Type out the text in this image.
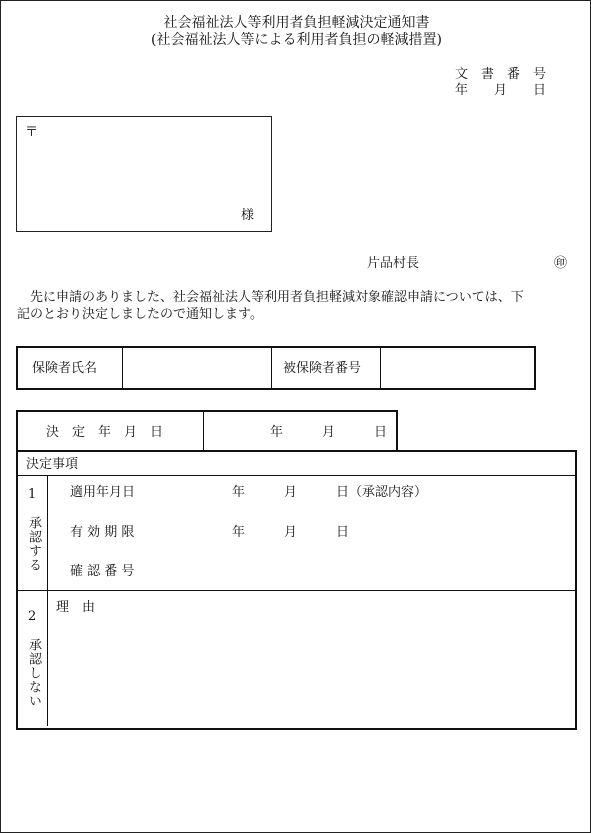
社会福祉法人等利用者負担軽減決定通知書
(社会福祉法人等による利用者負担の軽減措置)
文　書　番　号
年　　月　　日
〒
様
片品村長	㊞
　先に申請のありました、社会福祉法人等利用者負担軽減対象確認申請については、下
記のとおり決定しましたので通知します。
保険者氏名	被保険者番号
決　定　年　月　日	年　　　月　　　日
決定事項
1
承認する
適用年月日	年　　　月　　　日（承認内容）
有 効 期 限	年　　　月　　　日
確 認 番 号
2
承認しない
理　由
